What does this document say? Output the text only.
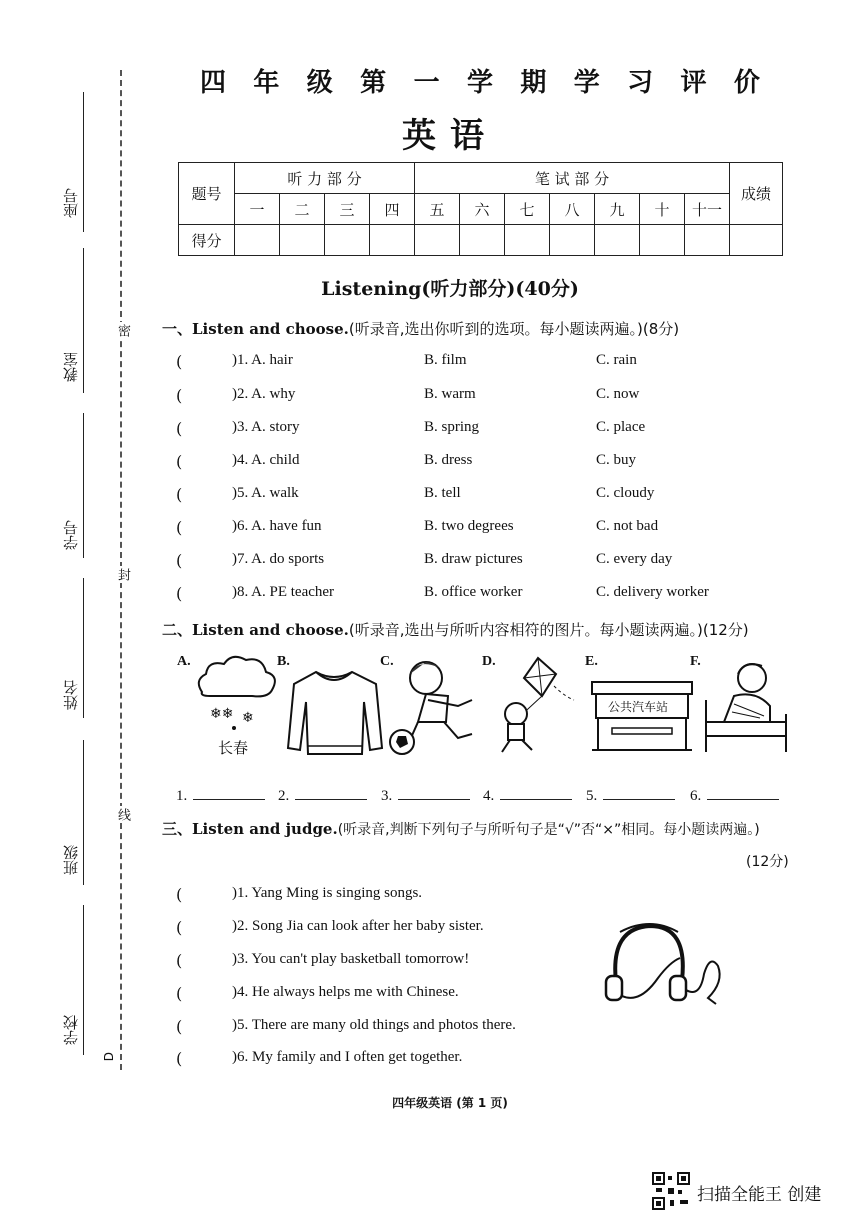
座号
教室
学号
姓名
班级
学校
D
密
封
线
四 年 级 第 一 学 期 学 习 评 价
英语
题号	听 力 部 分				笔 试 部 分							成绩
	一	二	三	四	五	六	七	八	九	十	十一	
得分												
Listening(听力部分)(40分)
一、Listen and choose.(听录音,选出你听到的选项。每小题读两遍。)(8分)
(	)1. A. hair	B. film	C. rain
(	)2. A. why	B. warm	C. now
(	)3. A. story	B. spring	C. place
(	)4. A. child	B. dress	C. buy
(	)5. A. walk	B. tell	C. cloudy
(	)6. A. have fun	B. two degrees	C. not bad
(	)7. A. do sports	B. draw pictures	C. every day
(	)8. A. PE teacher	B. office worker	C. delivery worker
二、Listen and choose.(听录音,选出与所听内容相符的图片。每小题读两遍。)(12分)
A.	B.	C.	D.	E.	F.
❄❄ ❄
长春
公共汽车站
1.	2.	3.	4.	5.	6.
三、Listen and judge.(听录音,判断下列句子与所听句子是“√”否“×”相同。每小题读两遍。)
(12分)
(	)1. Yang Ming is singing songs.
(	)2. Song Jia can look after her baby sister.
(	)3. You can't play basketball tomorrow!
(	)4. He always helps me with Chinese.
(	)5. There are many old things and photos there.
(	)6. My family and I often get together.
四年级英语 (第 1 页)
扫描全能王 创建
